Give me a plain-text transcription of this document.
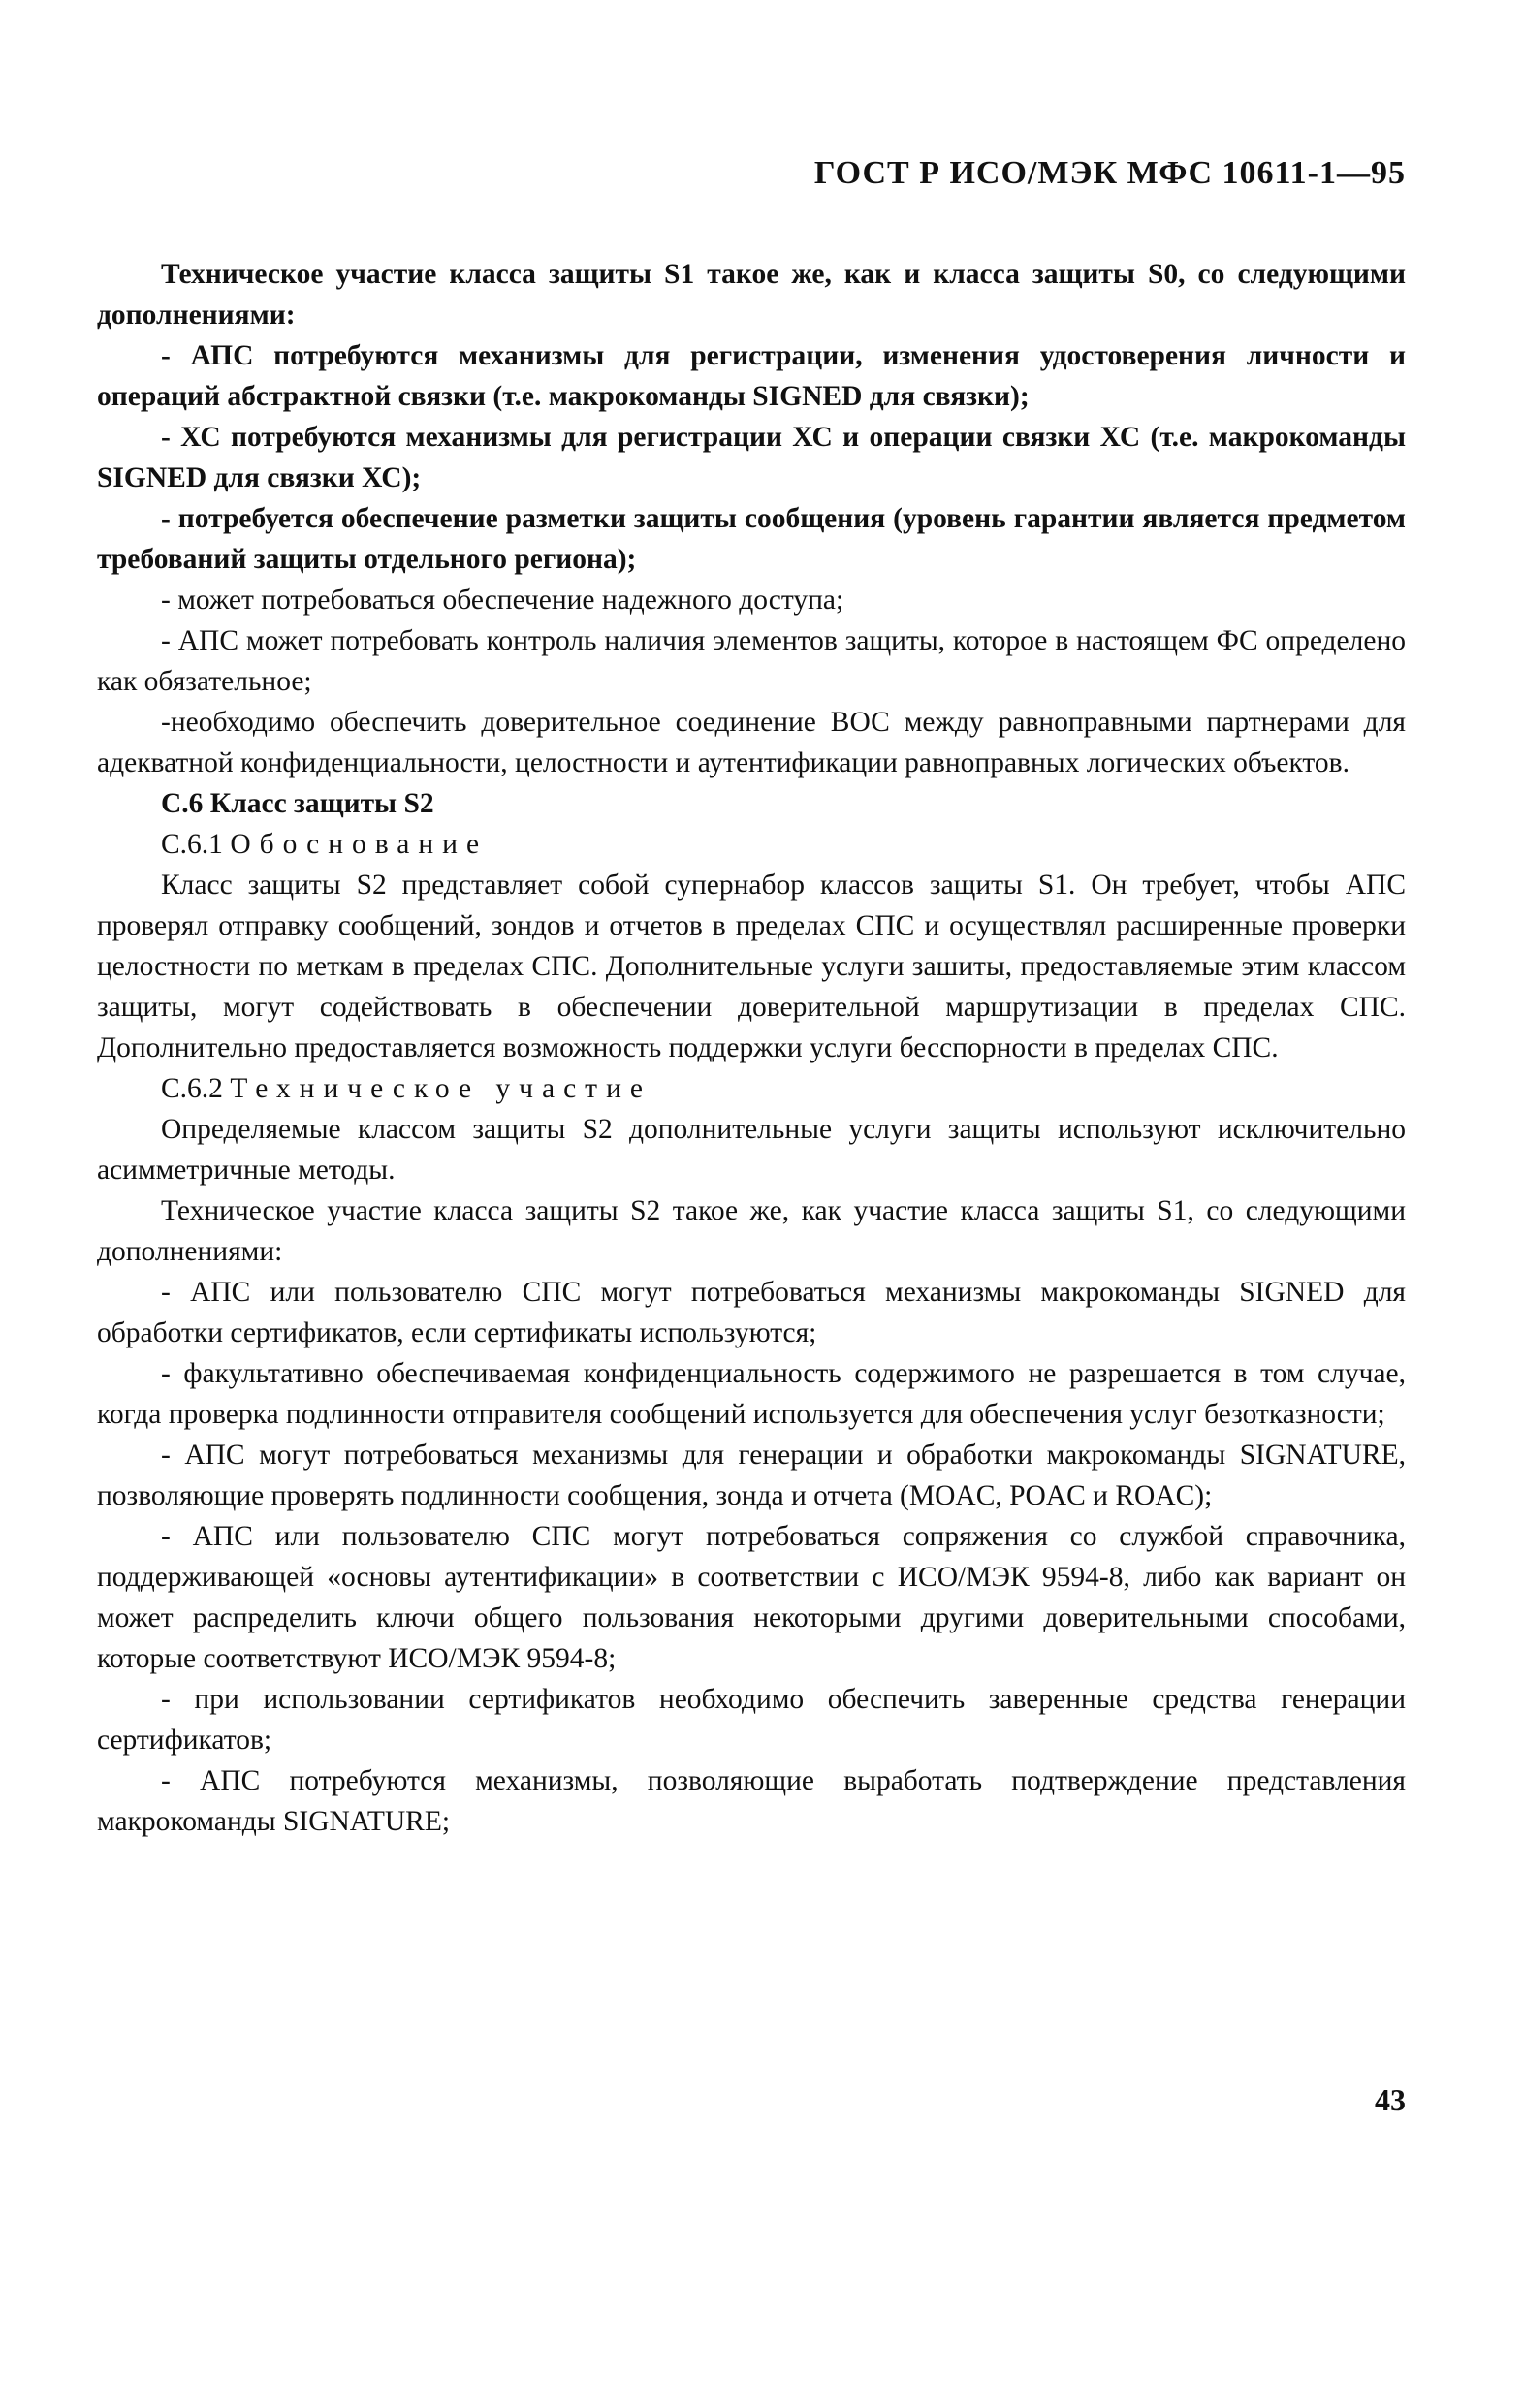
ГОСТ Р ИСО/МЭК МФС 10611-1—95

Техническое участие класса защиты S1 такое же, как и класса защиты S0, со следующими дополнениями:

- АПС потребуются механизмы для регистрации, изменения удостоверения личности и операций абстрактной связки (т.е. макрокоманды SIGNED для связки);

- ХС потребуются механизмы для регистрации ХС и операции связки ХС (т.е. макрокоманды SIGNED для связки ХС);

- потребуется обеспечение разметки защиты сообщения (уровень гарантии является предметом требований защиты отдельного региона);

- может потребоваться обеспечение надежного доступа;

- АПС может потребовать контроль наличия элементов защиты, которое в настоящем ФС определено как обязательное;

-необходимо обеспечить доверительное соединение ВОС между равноправными партнерами для адекватной конфиденциальности, целостности и аутентификации равноправных логических объектов.

С.6 Класс защиты S2

С.6.1 Обоснование

Класс защиты S2 представляет собой супернабор классов защиты S1. Он требует, чтобы АПС проверял отправку сообщений, зондов и отчетов в пределах СПС и осуществлял расширенные проверки целостности по меткам в пределах СПС. Дополнительные услуги зашиты, предоставляемые этим классом защиты, могут содействовать в обеспечении доверительной маршрутизации в пределах СПС. Дополнительно предоставляется возможность поддержки услуги бесспорности в пределах СПС.

С.6.2 Техническое участие

Определяемые классом защиты S2 дополнительные услуги защиты используют исключительно асимметричные методы.

Техническое участие класса защиты S2 такое же, как участие класса защиты S1, со следующими дополнениями:

- АПС или пользователю СПС могут потребоваться механизмы макрокоманды SIGNED для обработки сертификатов, если сертификаты используются;

- факультативно обеспечиваемая конфиденциальность содержимого не разрешается в том случае, когда проверка подлинности отправителя сообщений используется для обеспечения услуг безотказности;

- АПС могут потребоваться механизмы для генерации и обработки макрокоманды SIGNATURE, позволяющие проверять подлинности сообщения, зонда и отчета (MOAC, POAC и ROAC);

- АПС или пользователю СПС могут потребоваться сопряжения со службой справочника, поддерживающей «основы аутентификации» в соответствии с ИСО/МЭК 9594-8, либо как вариант он может распределить ключи общего пользования некоторыми другими доверительными способами, которые соответствуют ИСО/МЭК 9594-8;

- при использовании сертификатов необходимо обеспечить заверенные средства генерации сертификатов;

- АПС потребуются механизмы, позволяющие выработать подтверждение представления макрокоманды SIGNATURE;

43
